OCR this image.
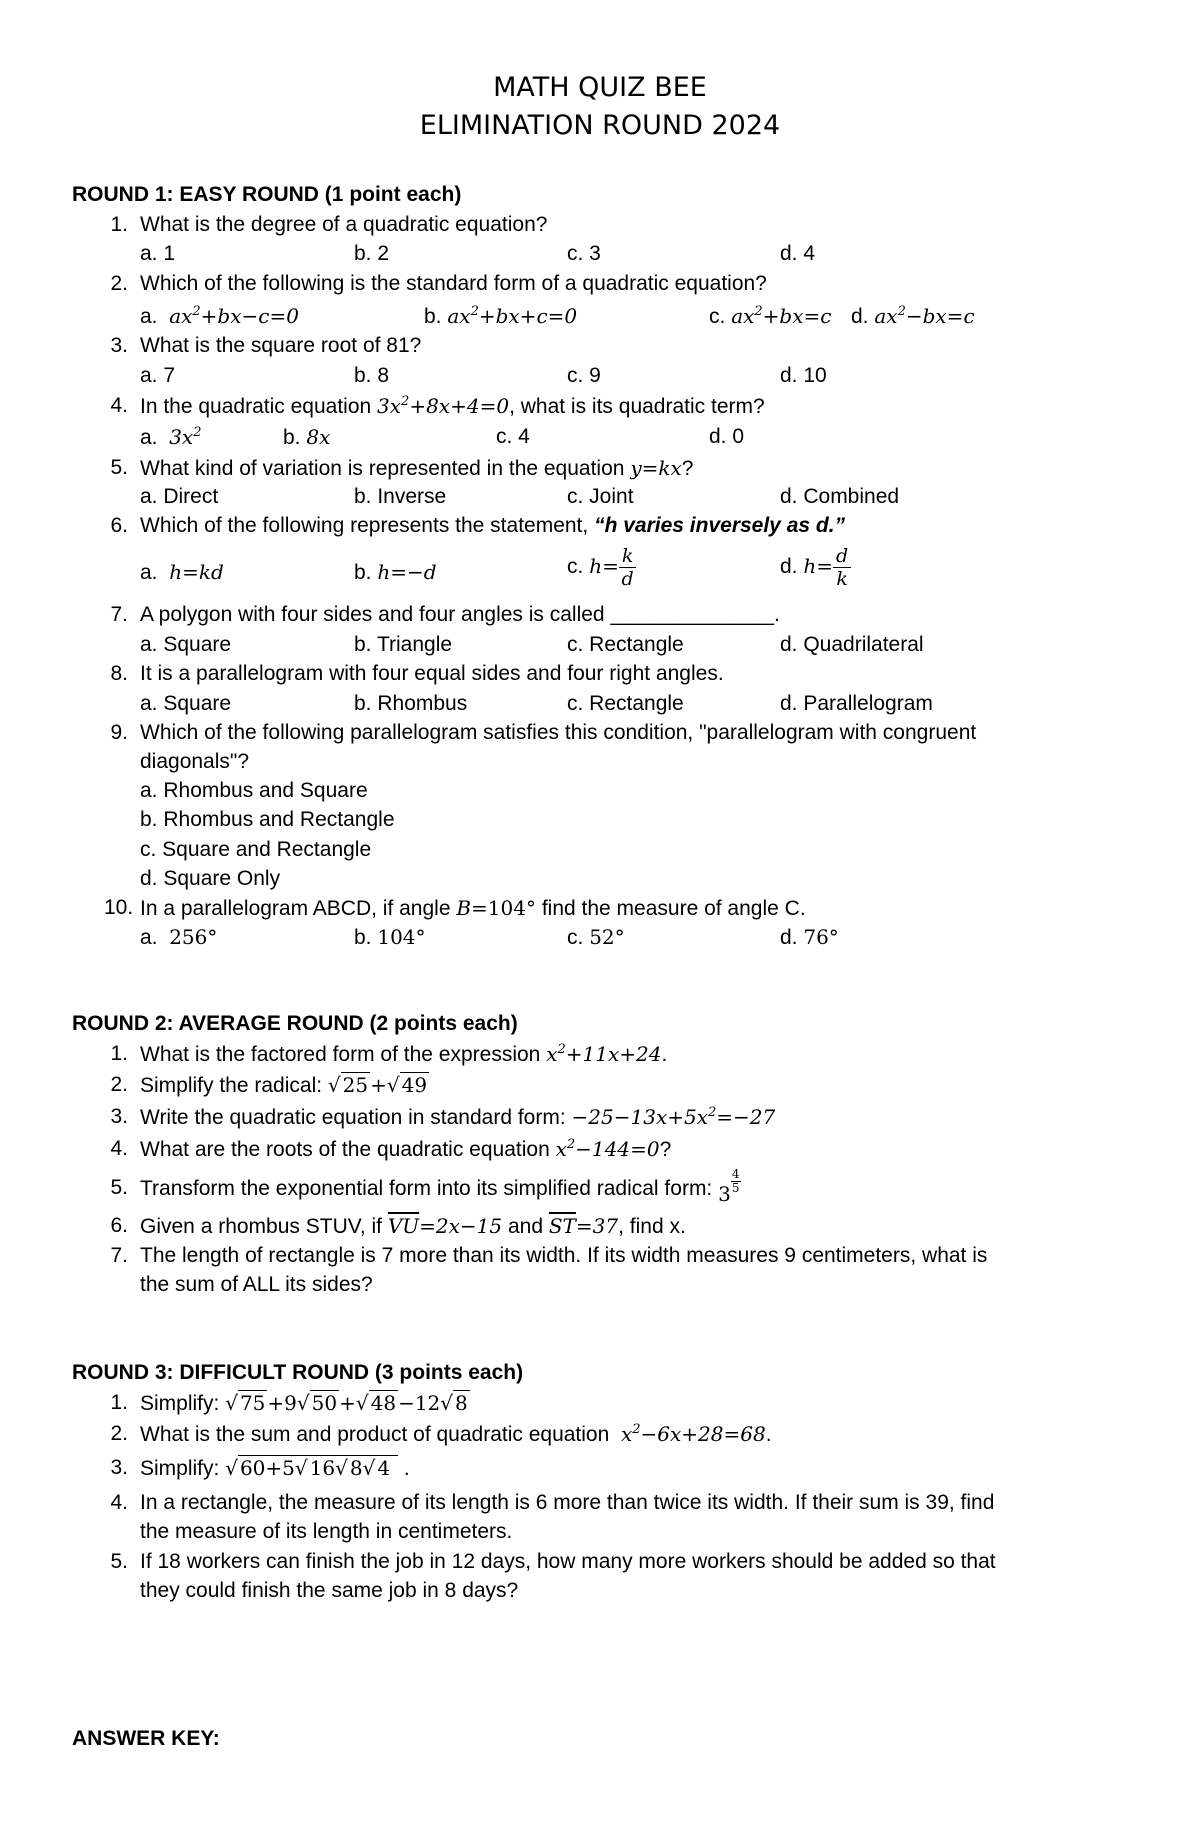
MATH QUIZ BEE
ELIMINATION ROUND 2024
ROUND 1: EASY ROUND (1 point each)
1. What is the degree of a quadratic equation?
a. 1	b. 2	c. 3	d. 4
2. Which of the following is the standard form of a quadratic equation?
a. $ax^2+bx-c=0$	b. $ax^2+bx+c=0$	c. $ax^2+bx=c$ d. $ax^2-bx=c$
3. What is the square root of 81?
a. 7	b. 8	c. 9	d. 10
4. In the quadratic equation $3x^2+8x+4=0$, what is its quadratic term?
a. $3x^2$	b. 8x	c. 4	d. 0
5. What kind of variation is represented in the equation y=kx?
a. Direct	b. Inverse	c. Joint	d. Combined
6. Which of the following represents the statement, “h varies inversely as d.”
a. h=kd	b. h=−d	c. $h= \frac{k}{d}$	d. $h= \frac{d}{k}$
7. A polygon with four sides and four angles is called ______________.
a. Square	b. Triangle	c. Rectangle	d. Quadrilateral
8. It is a parallelogram with four equal sides and four right angles.
a. Square	b. Rhombus	c. Rectangle	d. Parallelogram
9. Which of the following parallelogram satisfies this condition, "parallelogram with congruent
diagonals"?
a. Rhombus and Square
b. Rhombus and Rectangle
c. Square and Rectangle
d. Square Only
10. In a parallelogram ABCD, if angle B=104° find the measure of angle C.
a. 256°	b. 104°	c. 52°	d. 76°
ROUND 2: AVERAGE ROUND (2 points each)
1. What is the factored form of the expression $x^2+11x+24$.
2. Simplify the radical: √ 25 +√ 49
3. Write the quadratic equation in standard form: $-25-13x+5x^2=-27$
4. What are the roots of the quadratic equation $x^2-144=0$?
5. Transform the exponential form into its simplified radical form: $3 \frac{4}{5}$
6. Given a rhombus STUV, if $\overline{VU}=2x-15$ and $\overline{ST}=37$, find x.
7. The length of rectangle is 7 more than its width. If its width measures 9 centimeters, what is
the sum of ALL its sides?
ROUND 3: DIFFICULT ROUND (3 points each)
1. Simplify: √ 75 +9√ 50 +√ 48 −12√ 8
2. What is the sum and product of quadratic equation $x^2-6x+28=68$.
3. Simplify: √ 60+5√ 16√ 8√ 4 .
4. In a rectangle, the measure of its length is 6 more than twice its width. If their sum is 39, find
the measure of its length in centimeters.
5. If 18 workers can finish the job in 12 days, how many more workers should be added so that
they could finish the same job in 8 days?
ANSWER KEY:
